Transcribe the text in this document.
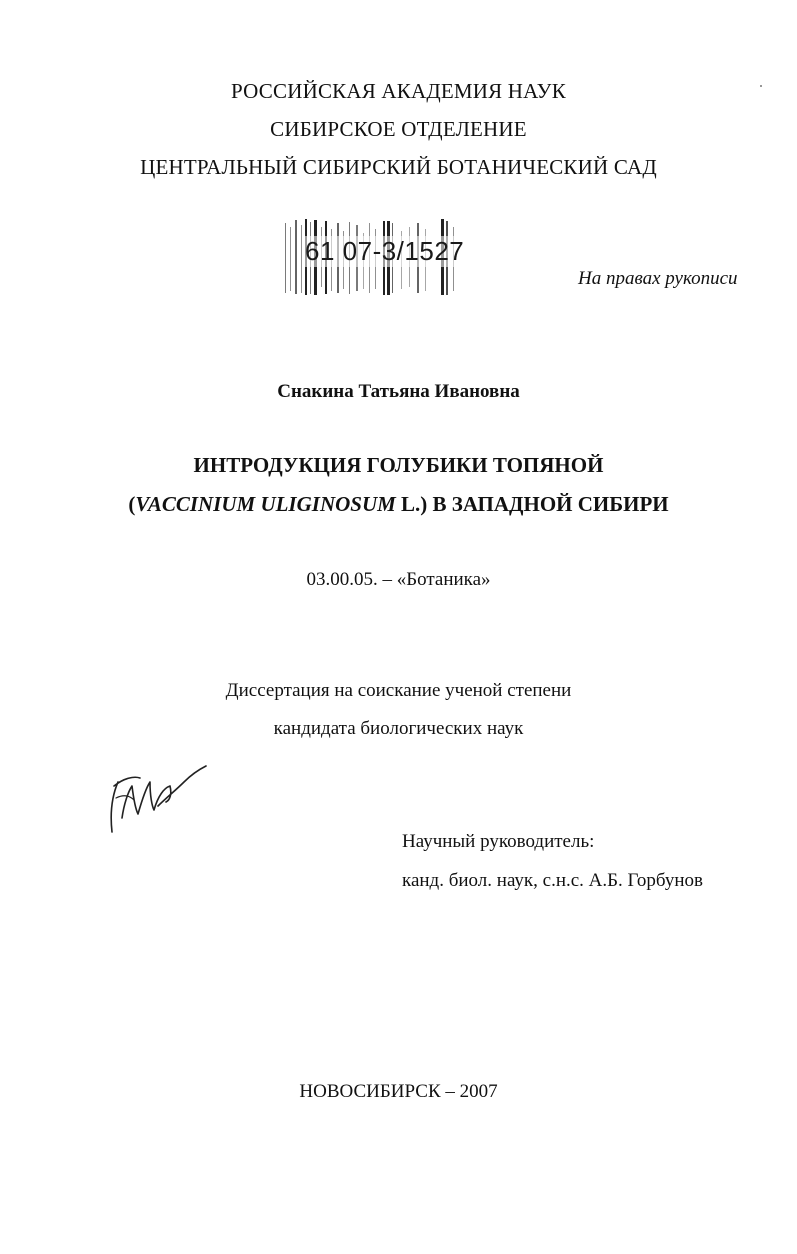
РОССИЙСКАЯ АКАДЕМИЯ НАУК
СИБИРСКОЕ ОТДЕЛЕНИЕ
ЦЕНТРАЛЬНЫЙ СИБИРСКИЙ БОТАНИЧЕСКИЙ САД
61 07-3/1527
На правах рукописи
Снакина Татьяна Ивановна
ИНТРОДУКЦИЯ ГОЛУБИКИ ТОПЯНОЙ
(VACCINIUM ULIGINOSUM L.) В ЗАПАДНОЙ СИБИРИ
03.00.05. – «Ботаника»
Диссертация на соискание ученой степени
кандидата биологических наук
Научный руководитель:
канд. биол. наук, с.н.с. А.Б. Горбунов
НОВОСИБИРСК – 2007
